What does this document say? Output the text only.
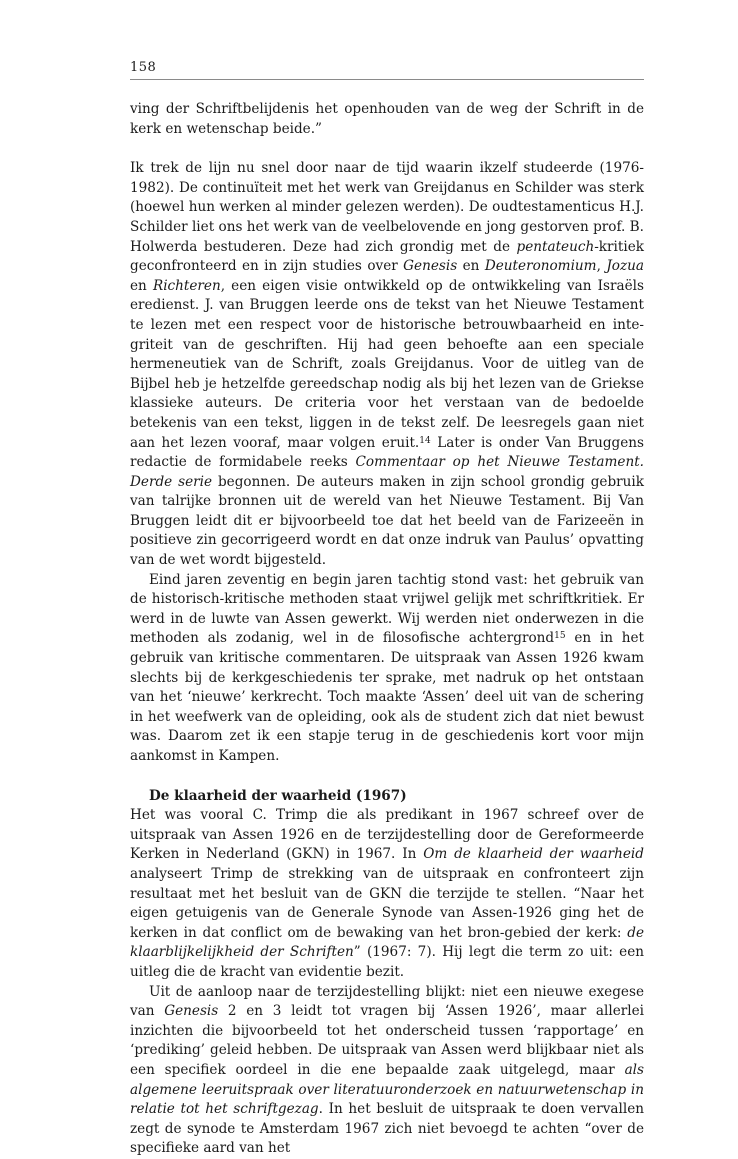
158

ving der Schriftbelijdenis het openhouden van de weg der Schrift in de kerk en wetenschap beide.”

Ik trek de lijn nu snel door naar de tijd waarin ikzelf studeerde (1976-1982). De continuïteit met het werk van Greijdanus en Schilder was sterk (hoewel hun werken al minder gelezen werden). De oudtestamenticus H.J. Schilder liet ons het werk van de veelbelovende en jong gestorven prof. B. Holwerda bestuderen. Deze had zich grondig met de pentateuch-kritiek geconfronteerd en in zijn studies over Genesis en Deuteronomium, Jozua en Richteren, een eigen visie ontwikkeld op de ontwikkeling van Israëls eredienst. J. van Bruggen leerde ons de tekst van het Nieuwe Testament te lezen met een respect voor de historische betrouwbaarheid en integriteit van de geschriften. Hij had geen behoefte aan een speciale hermeneutiek van de Schrift, zoals Greijdanus. Voor de uitleg van de Bijbel heb je hetzelfde gereedschap nodig als bij het lezen van de Griekse klassieke auteurs. De criteria voor het verstaan van de bedoelde betekenis van een tekst, liggen in de tekst zelf. De leesregels gaan niet aan het lezen vooraf, maar volgen eruit.$^{14}$ Later is onder Van Bruggens redactie de formidabele reeks Commentaar op het Nieuwe Testament. Derde serie begonnen. De auteurs maken in zijn school grondig gebruik van talrijke bronnen uit de wereld van het Nieuwe Testament. Bij Van Bruggen leidt dit er bijvoorbeeld toe dat het beeld van de Farizeeën in positieve zin gecorrigeerd wordt en dat onze indruk van Paulus’ opvatting van de wet wordt bijgesteld.

Eind jaren zeventig en begin jaren tachtig stond vast: het gebruik van de historisch-kritische methoden staat vrijwel gelijk met schriftkritiek. Er werd in de luwte van Assen gewerkt. Wij werden niet onderwezen in die methoden als zodanig, wel in de filosofische achtergrond$^{15}$ en in het gebruik van kritische commentaren. De uitspraak van Assen 1926 kwam slechts bij de kerkgeschiedenis ter sprake, met nadruk op het ontstaan van het ‘nieuwe’ kerkrecht. Toch maakte ‘Assen’ deel uit van de schering in het weefwerk van de opleiding, ook als de student zich dat niet bewust was. Daarom zet ik een stapje terug in de geschiedenis kort voor mijn aankomst in Kampen.

De klaarheid der waarheid (1967)

Het was vooral C. Trimp die als predikant in 1967 schreef over de uitspraak van Assen 1926 en de terzijdestelling door de Gereformeerde Kerken in Nederland (GKN) in 1967. In Om de klaarheid der waarheid analyseert Trimp de strekking van de uitspraak en confronteert zijn resultaat met het besluit van de GKN die terzijde te stellen. “Naar het eigen getuigenis van de Generale Synode van Assen-1926 ging het de kerken in dat conflict om de bewaking van het bron-gebied der kerk: de klaarblijkelijkheid der Schriften” (1967: 7). Hij legt die term zo uit: een uitleg die de kracht van evidentie bezit.

Uit de aanloop naar de terzijdestelling blijkt: niet een nieuwe exegese van Genesis 2 en 3 leidt tot vragen bij ‘Assen 1926’, maar allerlei inzichten die bijvoorbeeld tot het onderscheid tussen ‘rapportage’ en ‘prediking’ geleid hebben. De uitspraak van Assen werd blijkbaar niet als een specifiek oordeel in die ene bepaalde zaak uitgelegd, maar als algemene leeruitspraak over literatuuronderzoek en natuurwetenschap in relatie tot het schriftgezag. In het besluit de uitspraak te doen vervallen zegt de synode te Amsterdam 1967 zich niet bevoegd te achten “over de specifieke aard van het
